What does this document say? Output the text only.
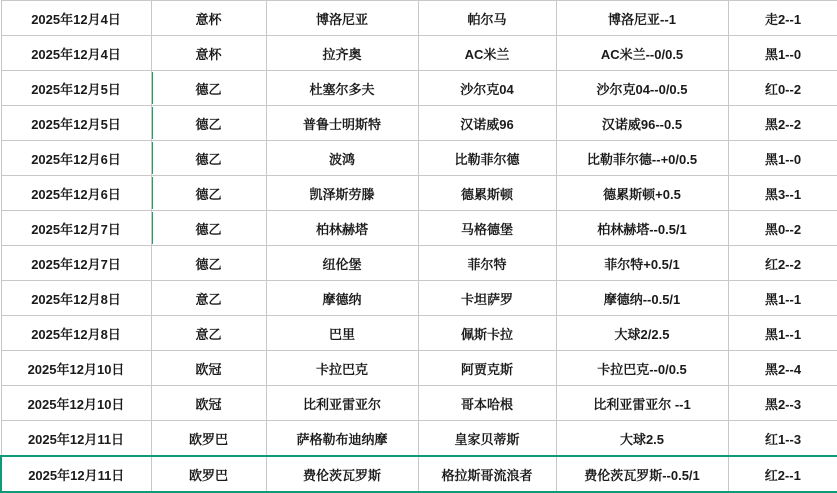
2025年12月4日	意杯	博洛尼亚	帕尔马	博洛尼亚--1	走2--1
2025年12月4日	意杯	拉齐奥	AC米兰	AC米兰--0/0.5	黑1--0
2025年12月5日	德乙	杜塞尔多夫	沙尔克04	沙尔克04--0/0.5	红0--2
2025年12月5日	德乙	普鲁士明斯特	汉诺威96	汉诺威96--0.5	黑2--2
2025年12月6日	德乙	波鸿	比勒菲尔德	比勒菲尔德--+0/0.5	黑1--0
2025年12月6日	德乙	凯泽斯劳滕	德累斯顿	德累斯顿+0.5	黑3--1
2025年12月7日	德乙	柏林赫塔	马格德堡	柏林赫塔--0.5/1	黑0--2
2025年12月7日	德乙	纽伦堡	菲尔特	菲尔特+0.5/1	红2--2
2025年12月8日	意乙	摩德纳	卡坦萨罗	摩德纳--0.5/1	黑1--1
2025年12月8日	意乙	巴里	佩斯卡拉	大球2/2.5	黑1--1
2025年12月10日	欧冠	卡拉巴克	阿贾克斯	卡拉巴克--0/0.5	黑2--4
2025年12月10日	欧冠	比利亚雷亚尔	哥本哈根	比利亚雷亚尔 --1	黑2--3
2025年12月11日	欧罗巴	萨格勒布迪纳摩	皇家贝蒂斯	大球2.5	红1--3
2025年12月11日	欧罗巴	费伦茨瓦罗斯	格拉斯哥流浪者	费伦茨瓦罗斯--0.5/1	红2--1
